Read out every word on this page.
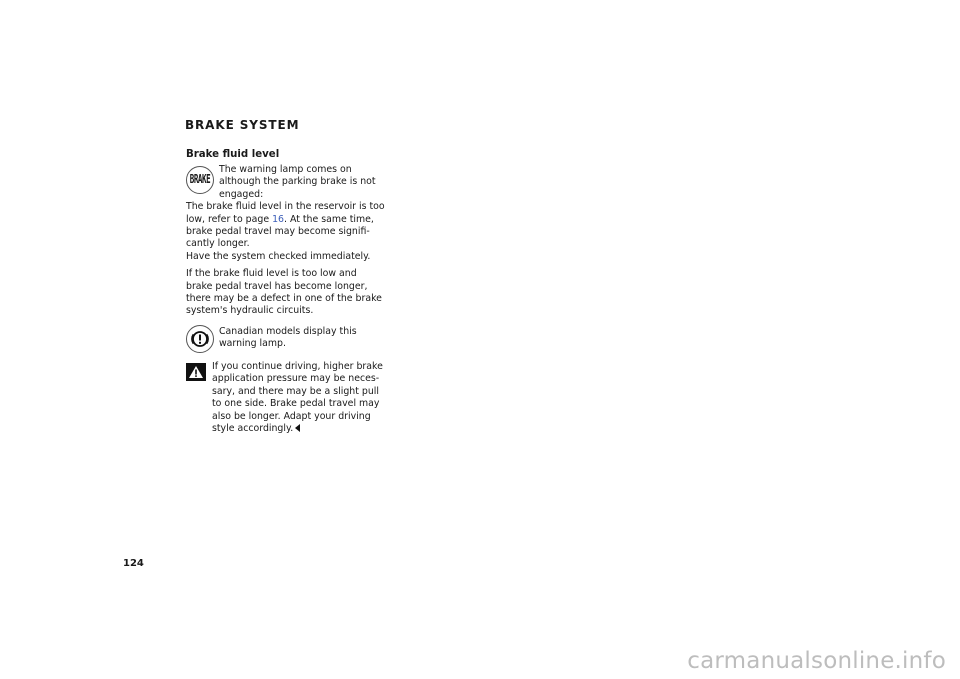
BRAKE SYSTEM
Brake fluid level
BRAKE

The warning lamp comes on although the parking brake is not engaged:

The brake fluid level in the reservoir is too low, refer to page 16. At the same time, brake pedal travel may become signifi-cantly longer.

Have the system checked immediately.

If the brake fluid level is too low and brake pedal travel has become longer, there may be a defect in one of the brake system's hydraulic circuits.

Canadian models display this warning lamp.

If you continue driving, higher brake application pressure may be neces-sary, and there may be a slight pull to one side. Brake pedal travel may also be longer. Adapt your driving style accordingly.

124
carmanualsonline.info
